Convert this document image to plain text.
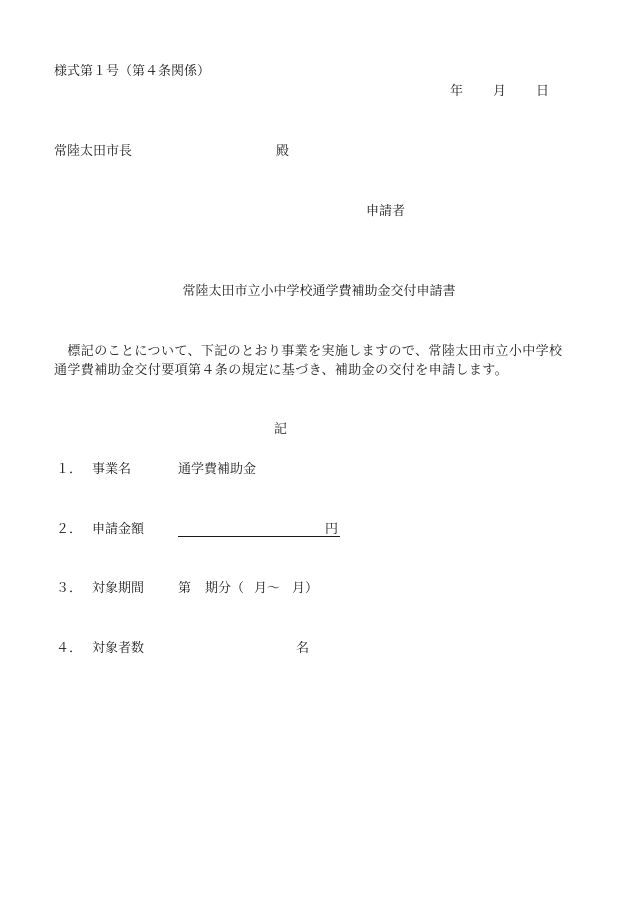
様式第１号（第４条関係）
年 月 日
常陸太田市長	殿
申請者
常陸太田市立小中学校通学費補助金交付申請書
　標記のことについて、下記のとおり事業を実施しますので、常陸太田市立小中学校通学費補助金交付要項第４条の規定に基づき、補助金の交付を申請します。
記
１． 事業名	通学費補助金
２． 申請金額	円
３． 対象期間	第 期分（ 月～ 月）
４． 対象者数	名
